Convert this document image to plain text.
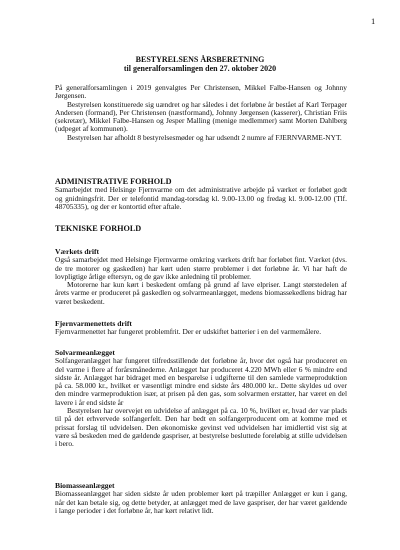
1
BESTYRELSENS ÅRSBERETNING
til generalforsamlingen den 27. oktober 2020

På generalforsamlingen i 2019 genvalgtes Per Christensen, Mikkel Falbe-Hansen og Johnny Jørgensen.

Bestyrelsen konstituerede sig uændret og har således i det forløbne år bestået af Karl Terpager Andersen (formand), Per Christensen (næstformand), Johnny Jørgensen (kasserer), Christian Friis (sekretær), Mikkel Falbe-Hansen og Jesper Malling (menige medlemmer) samt Morten Dahlberg (udpeget af kommunen).

Bestyrelsen har afholdt 8 bestyrelsesmøder og har udsendt 2 numre af FJERNVARME-NYT.

ADMINISTRATIVE FORHOLD

Samarbejdet med Helsinge Fjernvarme om det administrative arbejde på værket er forløbet godt og gnidningsfrit. Der er telefontid mandag-torsdag kl. 9.00-13.00 og fredag kl. 9.00-12.00 (Tlf. 48705335), og der er kontortid efter aftale.

TEKNISKE FORHOLD
Værkets drift

Også samarbejdet med Helsinge Fjernvarme omkring værkets drift har forløbet fint. Værket (dvs. de tre motorer og gaskedlen) har kørt uden større problemer i det forløbne år. Vi har haft de lovpligtige årlige eftersyn, og de gav ikke anledning til problemer.

Motorerne har kun kørt i beskedent omfang på grund af lave elpriser. Langt størstedelen af årets varme er produceret på gaskedlen og solvarmeanlægget, medens biomassekedlens bidrag har været beskedent.

Fjernvarmenettets drift

Fjernvarmenettet har fungeret problemfrit. Der er udskiftet batterier i en del varmemålere.

Solvarmeanlægget

Solfangeranlægget har fungeret tilfredsstillende det forløbne år, hvor det også har produceret en del varme i flere af forårsmånederne. Anlægget har produceret 4.220 MWh eller 6 % mindre end sidste år. Anlægget har bidraget med en besparelse i udgifterne til den samlede varmeproduktion på ca. 58.000 kr., hvilket er væsentligt mindre end sidste års 480.000 kr.. Dette skyldes ud over den mindre varmeproduktion især, at prisen på den gas, som solvarmen erstatter, har været en del lavere i år end sidste år

Bestyrelsen har overvejet en udvidelse af anlægget på ca. 10 %, hvilket er, hvad der var plads til på det erhvervede solfangerfelt. Den har bedt en solfangerproducent om at komme med et prissat forslag til udvidelsen. Den økonomiske gevinst ved udvidelsen har imidlertid vist sig at være så beskeden med de gældende gaspriser, at bestyrelse besluttede foreløbig at stille udvidelsen i bero.

Biomasseanlægget

Biomasseanlægget har siden sidste år uden problemer kørt på træpiller Anlægget er kun i gang, når det kan betale sig, og dette betyder, at anlægget med de lave gaspriser, der har været gældende i lange perioder i det forløbne år, har kørt relativt lidt.
